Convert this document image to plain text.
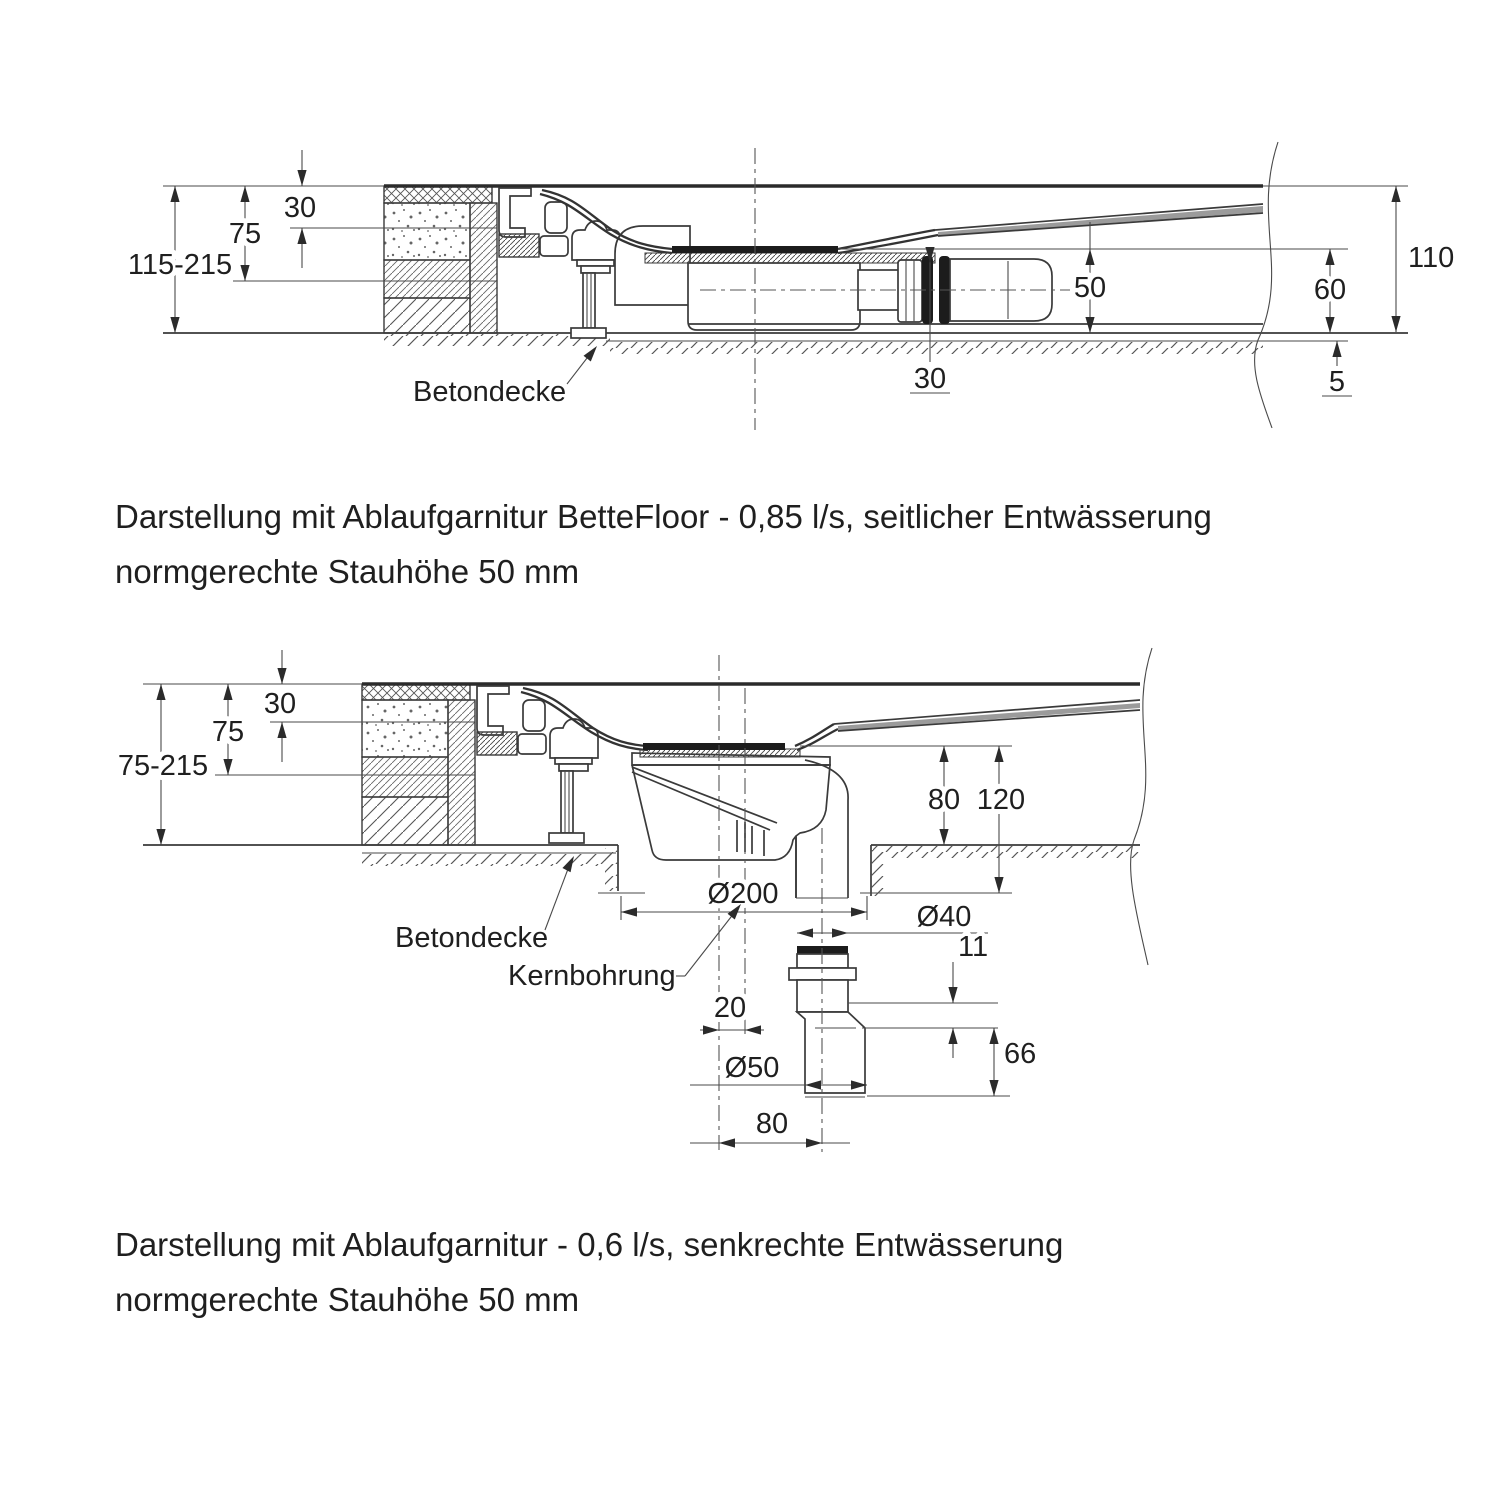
30
75
115-215
50	60
110
5
30
Betondecke
Darstellung mit Ablaufgarnitur BetteFloor - 0,85 l/s, seitlicher Entwässerung
normgerechte Stauhöhe 50 mm
30
75
75-215
80 120
Ø200
Ø40
11
66
20
Ø50
80
Betondecke
Kernbohrung
Darstellung mit Ablaufgarnitur - 0,6 l/s, senkrechte Entwässerung
normgerechte Stauhöhe 50 mm
